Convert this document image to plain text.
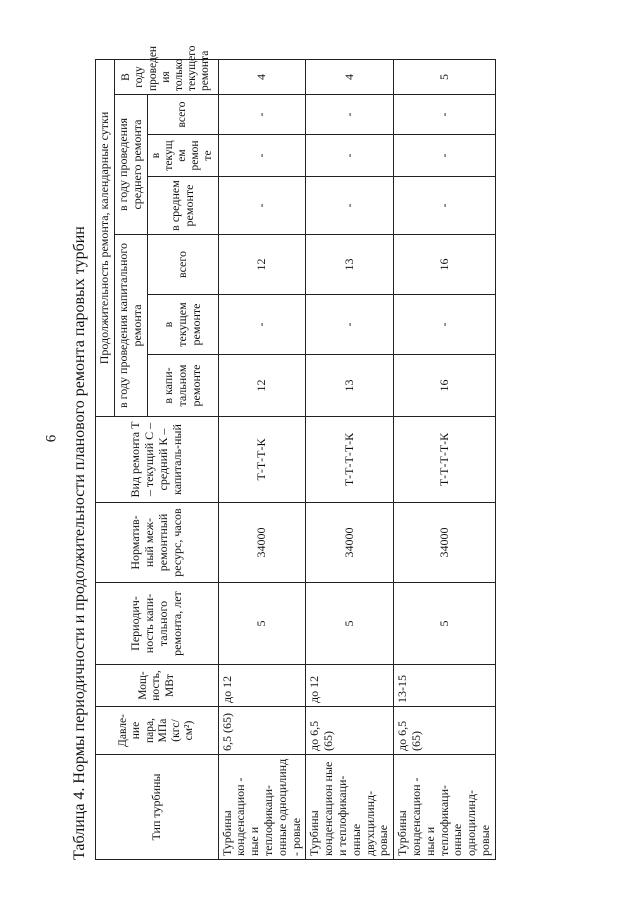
6 Таблица 4. Нормы периодичности и продолжительности планового ремонта паровых турбин	Тип турбины	Давле-ние пара, МПа (кгс/ см²)	Мощ-ность, МВт	Периодич-ность капи-тального ремонта, лет	Норматив-ный меж-ремонтный ресурс, часов	Вид ремонта Т – текущий С – средний К – капиталь-ный	Продолжительность ремонта, календарные сутки						
						в году проведения капитального ремонта			в году проведения среднего ремонта			В году проведен ия только текущего ремонта
						в капи-тальном ремонте	в текущем ремонте	всего	в среднем ремонте	в текущ ем ремон те	всего	
Турбины конденсацион - ные и теплофикаци- онные одноцилинд - ровые	6,5 (65)	до 12	5	34000	Т-Т-Т-К	12	-	12	-	-	-	4
Турбины конденсацион ные и теплофикаци- онные двухцилинд- ровые	до 6,5 (65)	до 12	5	34000	Т-Т-Т-Т-К	13	-	13	-	-	-	4
Турбины конденсацион - ные и теплофикаци- онные одноцилинд- ровые	до 6,5 (65)	13-15	5	34000	Т-Т-Т-Т-К	16	-	16	-	-	-	5
